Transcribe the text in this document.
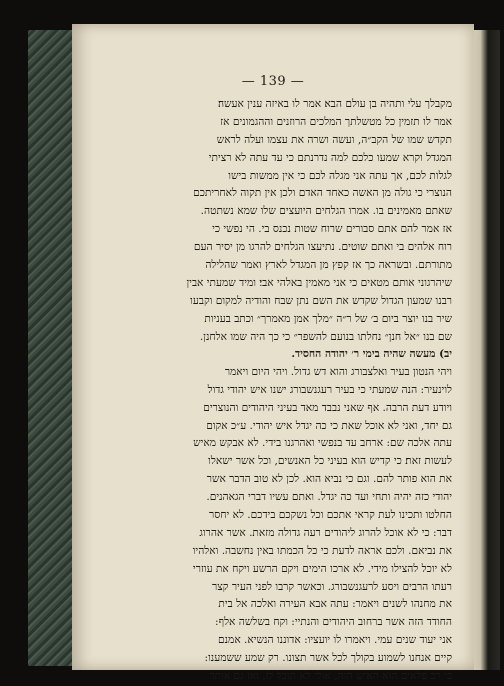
— 139 —
מקבלך עלי ותהיה בן עולם הבא׃ אמר לו באיזה ענין אעשה׃
אמר לו תזמין כל מטשלתך המלכים הרוזנים וההגמונים אז
תקדש שמו של הקב״ה, ועשה ושרה את עצמו ועלה לראש
המגדל וקרא שמעו כלכם למה נדרנתם כי עד עתה לא רציתי
לגלות לכם, אך עתה אני מגלה לכם כי אין ממשות בישו
הנוצרי כי גולה מן האשה כאחד האדם ולכן אין תקוה לאחריתכם
שאתם מאמינים בו. אמרו הגלחים היועצים שלו שמא נשתטה.
אז אמר להם אתם סבורים שרוח שטות נכנס בי. הי נפשי כי
רוח אלהים בי ואתם שוטים. נתיעצו הגלחים להרגו מן יסיר העם
מתורתם. ובשראה כך אז קפץ מן המגדל לארץ ואמר שהלילה
שיהרגוני אותם מטאים כי אני מאמין באלהי אבי׃ ומיד שמעתי אבין
רבנו שמעון הגדול שקדש את השם נתן שבח והודיה למקום וקבעו
שיר בנו יוצר ביום ב׳ של ר״ה ״מלך אמן מאמרך״ וכתב בעניות
שם בנו ״אל חנן״ נחלתו בנועם להשפר״ כי כך היה שמו אלחנן.
יב) מעשה שהיה בימי ר׳ יהודה החסיד.
ויהי הנטון בעיר ואלצבורג והוא דש גדול. ויהי היום ויאמר
לוינעיר: הנה שמעתי כי בעיר רעגנשבורג ישנו איש יהודי גדול
ויודע דעת הרבה. אף שאני נבבד מאד בעיני היהודים והנוצרים
גם יחד, ואני לא אוכל שאת כי כה יגדל איש יהודי. ע״כ אקום
עתה אלכה שם: ארחב עד בנפשי ואהרגנו בידי. לא אבקש מאיש
לעשות זאת׃ כי קדיש הוא בעיני כל האנשים, וכל אשר ישאלו
את הוא פותר להם. וגם כי נביא הוא. לכן לא טוב הדבר אשר
יהודי כזה יהיה ותחי ועד כה יגדל. ואתם עשיו דברי הגאהנים.
החלטו ותכינו לעת קראי אתכם וכל נשקכם בידכם. לא יחסר
דבר: כי לא אוכל להרוג ליהודים רעה גדולה מזאת. אשר אהרוג
את נביאם. ולכם אראה לדעת כי כל הכמתו באין נחשבה. ואלהיו
לא יוכל להצילו מידי. לא ארכו הימים ויקם הרשע ויקח את עוזרי
רעתו הרבים ויסע לרעגנשבורג. וכאשר קרבו לפני העיר קצר
את מחנהו לשנים ויאמר: עתה אבא העירה ואלכה אל בית
החודד הזה אשר ברחוב היהודים והנתיי: וקח בשלשה אלף:
אני יעוד שנים עמי. ויאמרו לו יועציו: אדוננו הנשיא. אמנם
קיים אנחנו לשמוע בקולך לכל אשר תצונו. רק שמע ששמענו:
כי רב פלאים הוא האיש הזה, אולי לא תוכל לו, ואז גם אותך
